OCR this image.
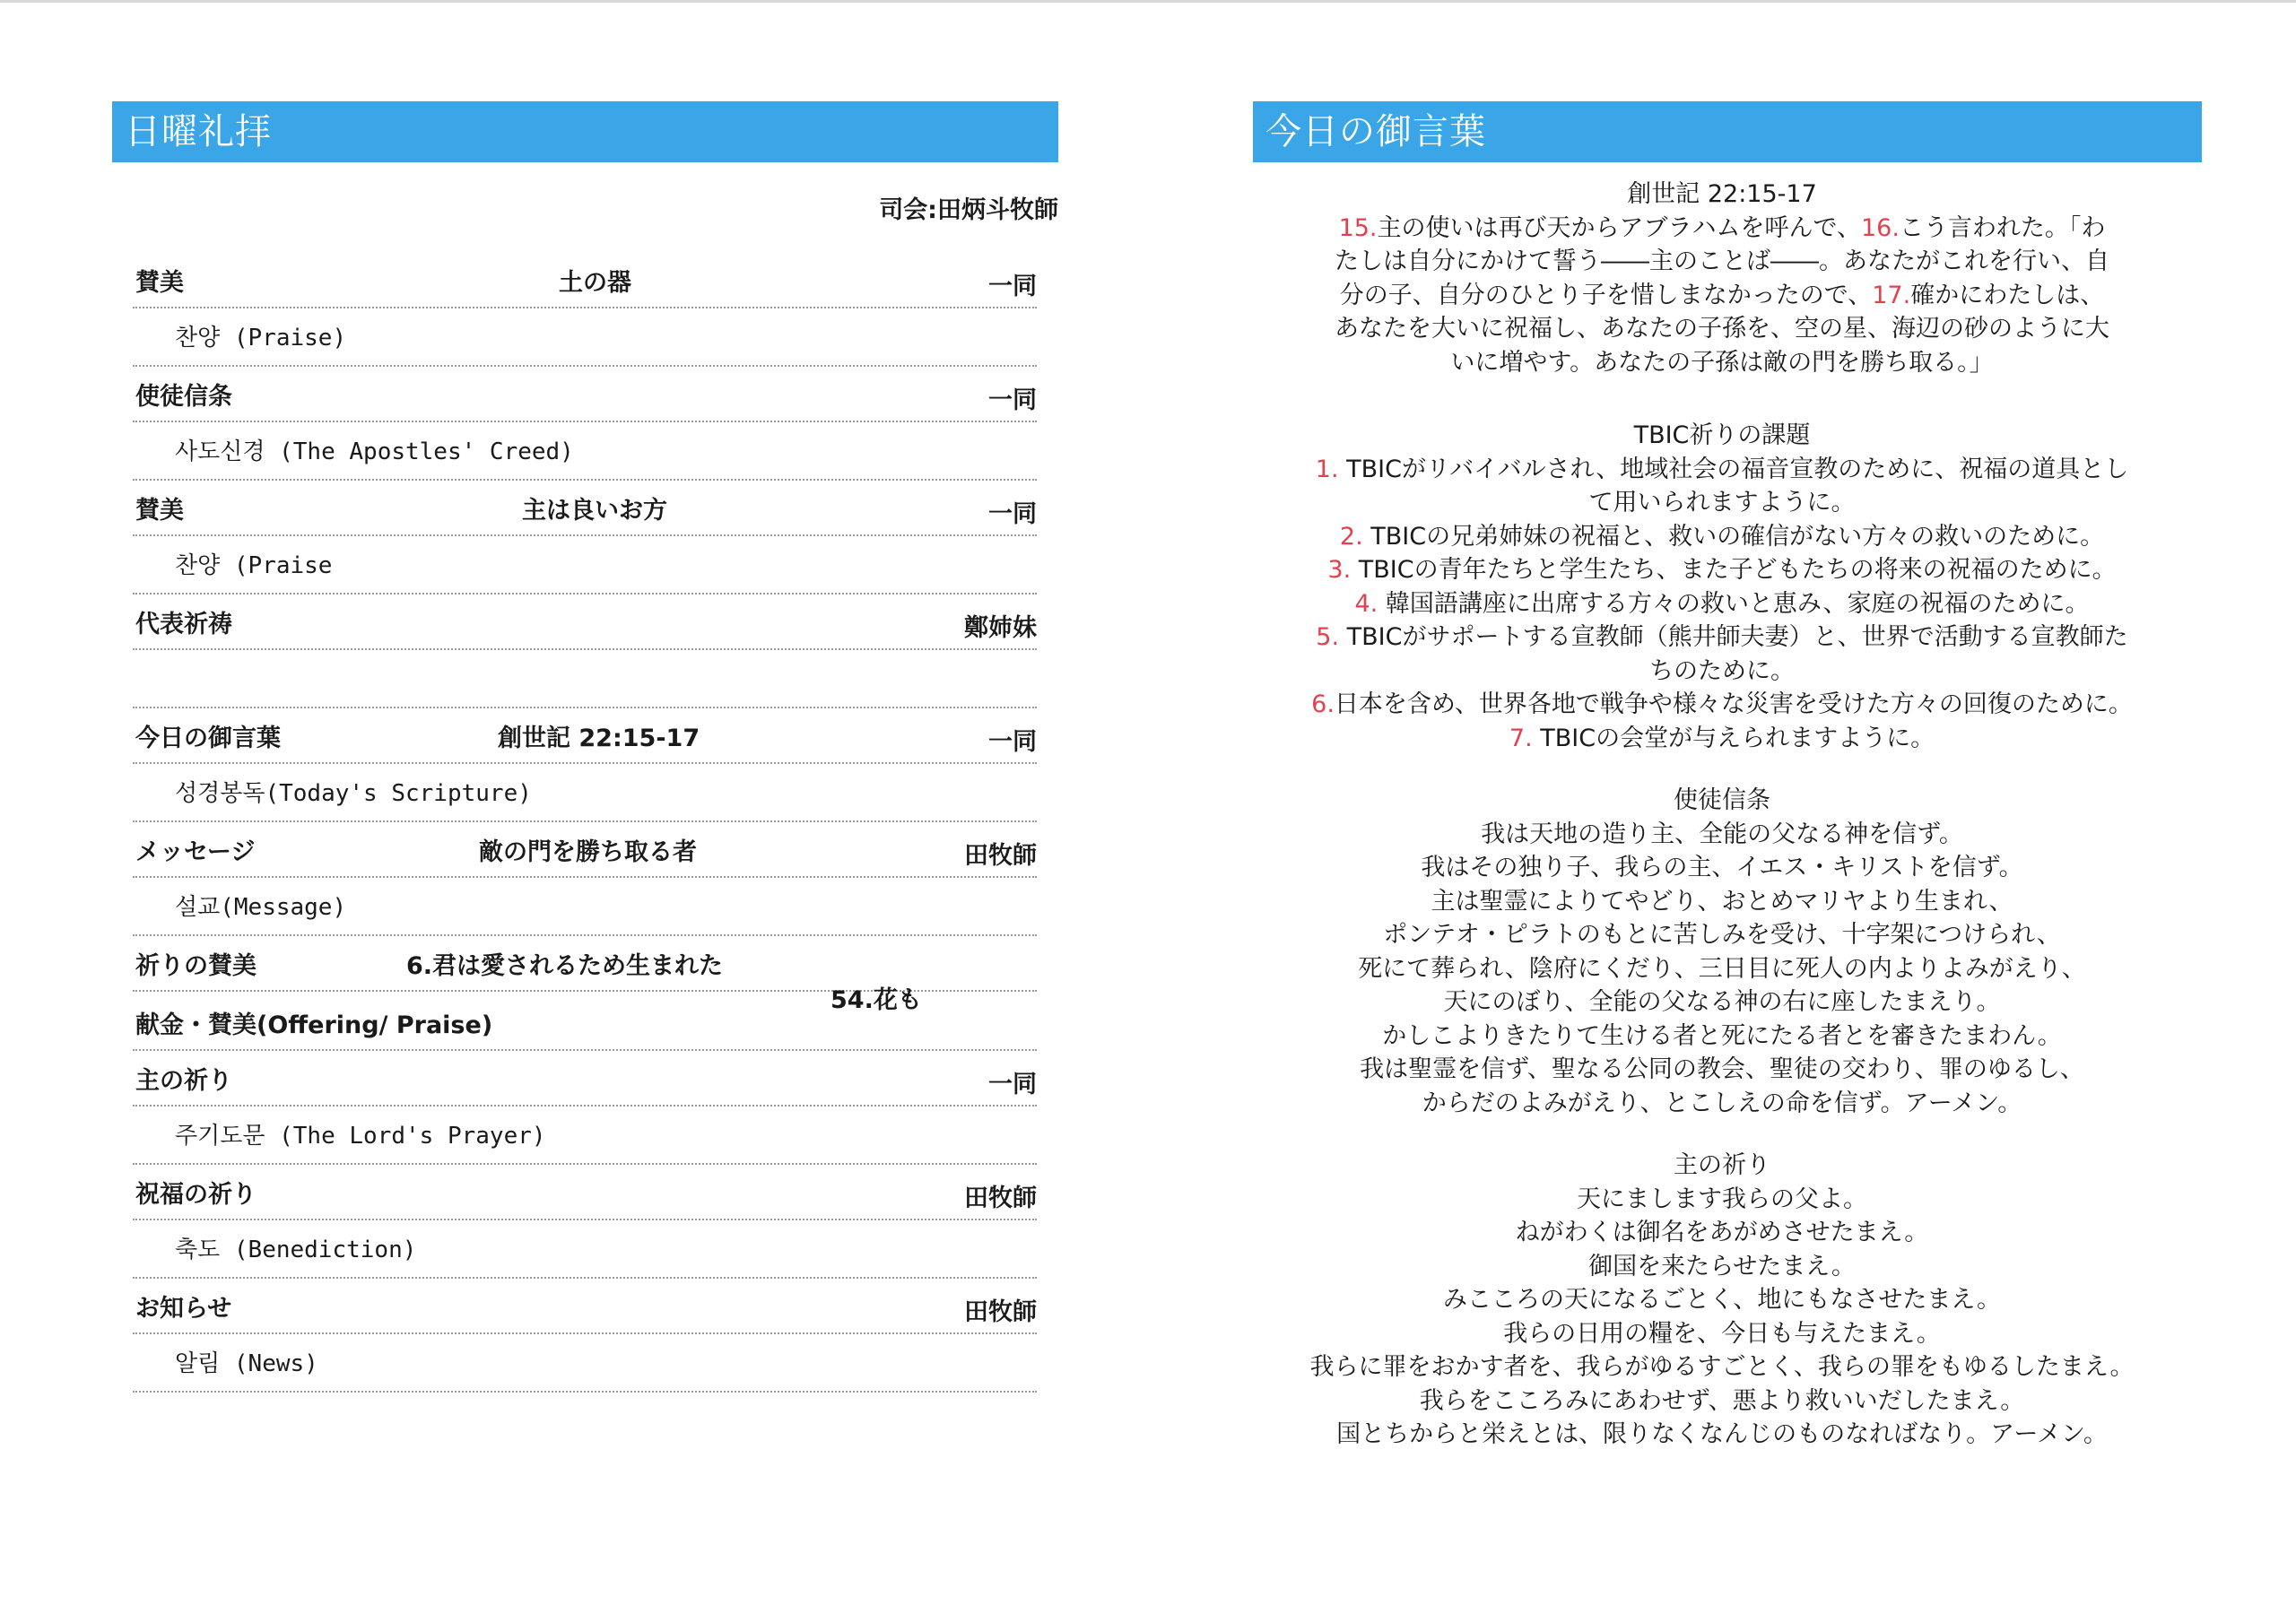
日曜礼拝
司会:田炳斗牧師
賛美	土の器	一同
찬양 (Praise)
使徒信条	一同
사도신경 (The Apostles' Creed)
賛美	主は良いお方	一同
찬양 (Praise
代表祈祷	鄭姉妹
今日の御言葉	創世記 22:15-17	一同
성경봉독(Today's Scripture)
メッセージ	敵の門を勝ち取る者	田牧師
설교(Message)
祈りの賛美	6.君は愛されるため生まれた
献金・賛美(Offering/ Praise)
54.花も
主の祈り	一同
주기도문 (The Lord's Prayer)
祝福の祈り	田牧師
축도 (Benediction)
お知らせ	田牧師
알림 (News)
今日の御言葉
創世記 22:15-17
15.主の使いは再び天からアブラハムを呼んで、16.こう言われた。「わ
たしは自分にかけて誓う――主のことば――。あなたがこれを行い、自
分の子、自分のひとり子を惜しまなかったので、17.確かにわたしは、
あなたを大いに祝福し、あなたの子孫を、空の星、海辺の砂のように大
いに増やす。あなたの子孫は敵の門を勝ち取る。」
TBIC祈りの課題
1. TBICがリバイバルされ、地域社会の福音宣教のために、祝福の道具とし
て用いられますように。
2. TBICの兄弟姉妹の祝福と、救いの確信がない方々の救いのために。
3. TBICの青年たちと学生たち、また子どもたちの将来の祝福のために。
4. 韓国語講座に出席する方々の救いと恵み、家庭の祝福のために。
5. TBICがサポートする宣教師（熊井師夫妻）と、世界で活動する宣教師た
ちのために。
6.日本を含め、世界各地で戦争や様々な災害を受けた方々の回復のために。
7. TBICの会堂が与えられますように。
使徒信条
我は天地の造り主、全能の父なる神を信ず。
我はその独り子、我らの主、イエス・キリストを信ず。
主は聖霊によりてやどり、おとめマリヤより生まれ、
ポンテオ・ピラトのもとに苦しみを受け、十字架につけられ、
死にて葬られ、陰府にくだり、三日目に死人の内よりよみがえり、
天にのぼり、全能の父なる神の右に座したまえり。
かしこよりきたりて生ける者と死にたる者とを審きたまわん。
我は聖霊を信ず、聖なる公同の教会、聖徒の交わり、罪のゆるし、
からだのよみがえり、とこしえの命を信ず。アーメン。
主の祈り
天にまします我らの父よ。
ねがわくは御名をあがめさせたまえ。
御国を来たらせたまえ。
みこころの天になるごとく、地にもなさせたまえ。
我らの日用の糧を、今日も与えたまえ。
我らに罪をおかす者を、我らがゆるすごとく、我らの罪をもゆるしたまえ。
我らをこころみにあわせず、悪より救いいだしたまえ。
国とちからと栄えとは、限りなくなんじのものなればなり。アーメン。
